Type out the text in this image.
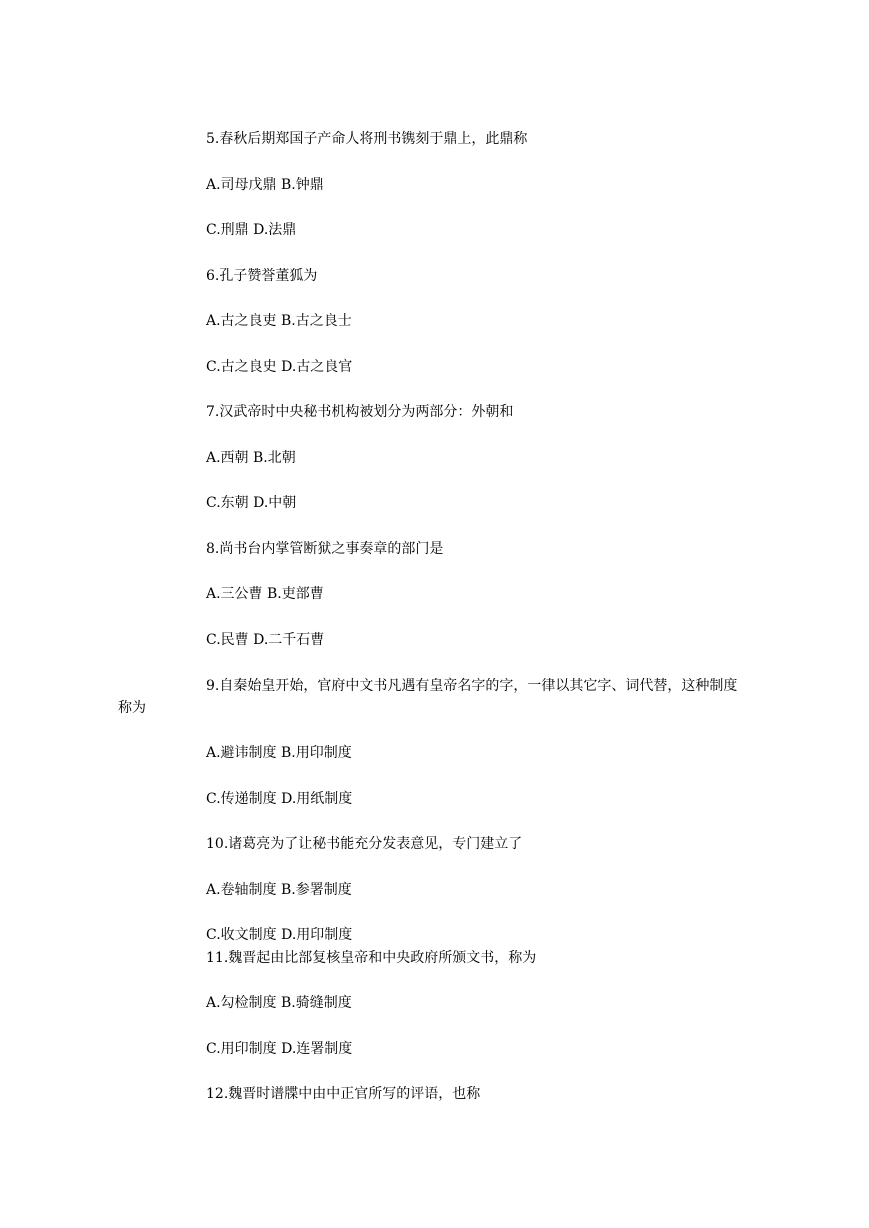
5.春秋后期郑国子产命人将刑书镌刻于鼎上，此鼎称
A.司母戊鼎 B.钟鼎
C.刑鼎 D.法鼎
6.孔子赞誉董狐为
A.古之良吏 B.古之良士
C.古之良史 D.古之良官
7.汉武帝时中央秘书机构被划分为两部分：外朝和
A.西朝 B.北朝
C.东朝 D.中朝
8.尚书台内掌管断狱之事奏章的部门是
A.三公曹 B.吏部曹
C.民曹 D.二千石曹
9.自秦始皇开始，官府中文书凡遇有皇帝名字的字，一律以其它字、词代替，这种制度称为
A.避讳制度 B.用印制度
C.传递制度 D.用纸制度
10.诸葛亮为了让秘书能充分发表意见，专门建立了
A.卷轴制度 B.参署制度
C.收文制度 D.用印制度
11.魏晋起由比部复核皇帝和中央政府所颁文书，称为
A.勾检制度 B.骑缝制度
C.用印制度 D.连署制度
12.魏晋时谱牒中由中正官所写的评语，也称
